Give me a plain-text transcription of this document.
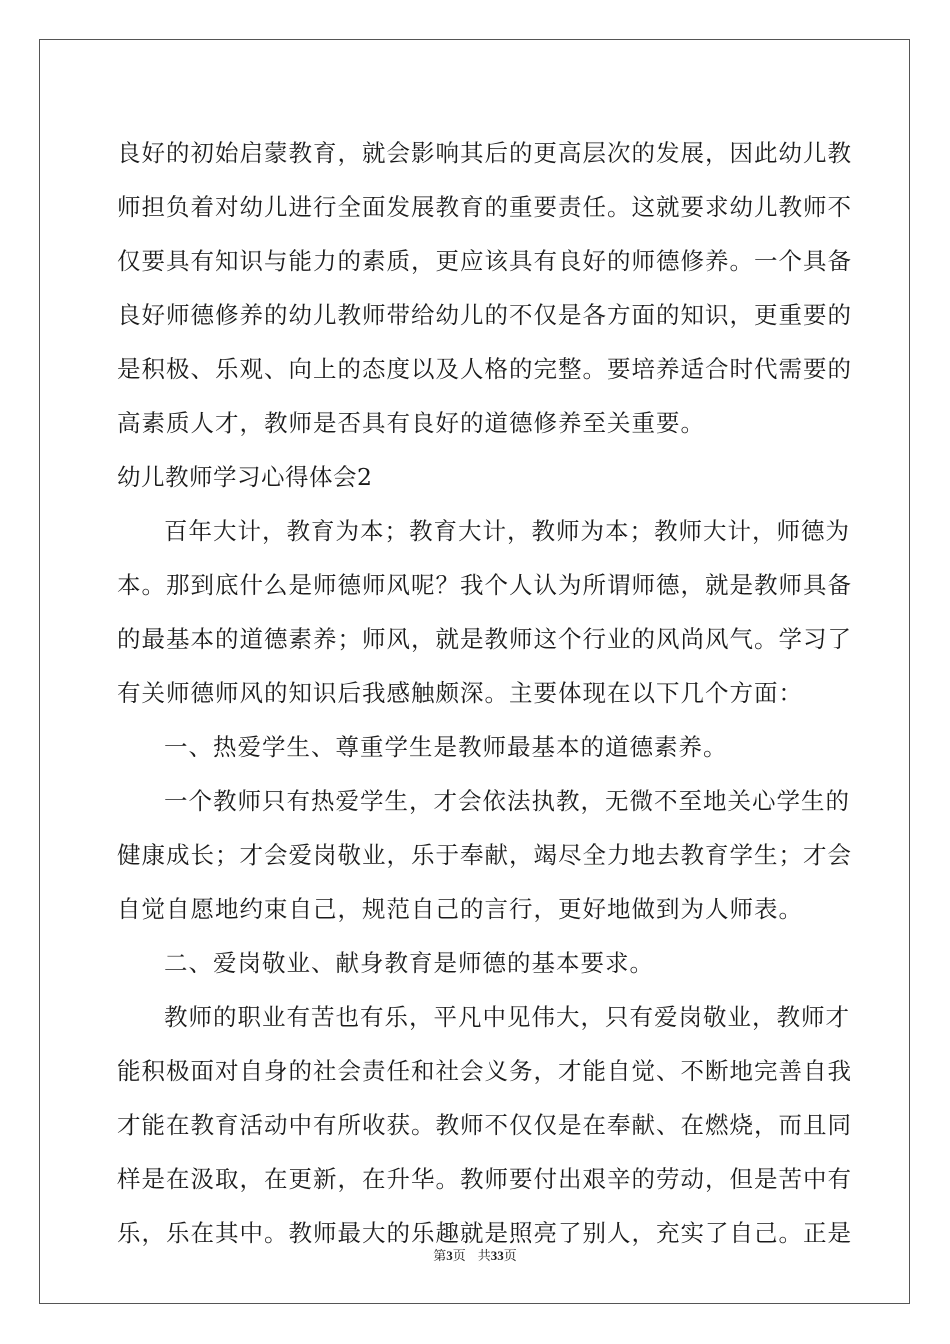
良好的初始启蒙教育，就会影响其后的更高层次的发展，因此幼儿教
师担负着对幼儿进行全面发展教育的重要责任。这就要求幼儿教师不
仅要具有知识与能力的素质，更应该具有良好的师德修养。一个具备
良好师德修养的幼儿教师带给幼儿的不仅是各方面的知识，更重要的
是积极、乐观、向上的态度以及人格的完整。要培养适合时代需要的
高素质人才，教师是否具有良好的道德修养至关重要。
幼儿教师学习心得体会2
百年大计，教育为本；教育大计，教师为本；教师大计，师德为
本。那到底什么是师德师风呢？我个人认为所谓师德，就是教师具备
的最基本的道德素养；师风，就是教师这个行业的风尚风气。学习了
有关师德师风的知识后我感触颇深。主要体现在以下几个方面：
一、热爱学生、尊重学生是教师最基本的道德素养。
一个教师只有热爱学生，才会依法执教，无微不至地关心学生的
健康成长；才会爱岗敬业，乐于奉献，竭尽全力地去教育学生；才会
自觉自愿地约束自己，规范自己的言行，更好地做到为人师表。
二、爱岗敬业、献身教育是师德的基本要求。
教师的职业有苦也有乐，平凡中见伟大，只有爱岗敬业，教师才
能积极面对自身的社会责任和社会义务，才能自觉、不断地完善自我
才能在教育活动中有所收获。教师不仅仅是在奉献、在燃烧，而且同
样是在汲取，在更新，在升华。教师要付出艰辛的劳动，但是苦中有
乐，乐在其中。教师最大的乐趣就是照亮了别人，充实了自己。正是
第3页 共33页
